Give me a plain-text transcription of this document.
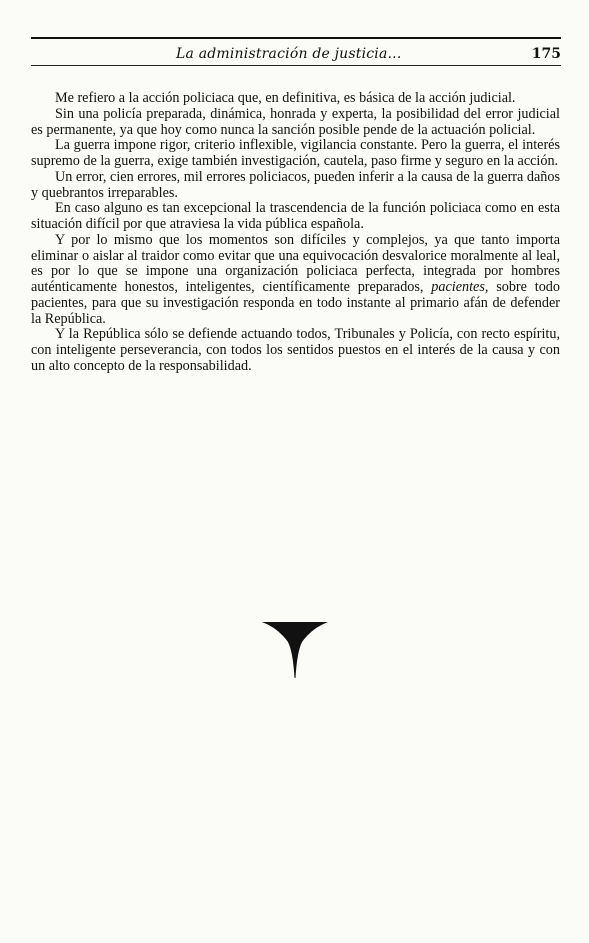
La administración de justicia...	175

Me refiero a la acción policiaca que, en definitiva, es básica de la acción judicial.

Sin una policía preparada, dinámica, honrada y experta, la posibilidad del error judicial es permanente, ya que hoy como nunca la sanción posible pende de la actuación policial.

La guerra impone rigor, criterio inflexible, vigilancia constante. Pero la guerra, el interés supremo de la guerra, exige también investigación, cautela, paso firme y seguro en la acción.

Un error, cien errores, mil errores policiacos, pueden inferir a la causa de la guerra daños y quebrantos irreparables.

En caso alguno es tan excepcional la trascendencia de la función policiaca como en esta situación difícil por que atraviesa la vida pública española.

Y por lo mismo que los momentos son difíciles y complejos, ya que tanto importa eliminar o aislar al traidor como evitar que una equivocación desvalorice moralmente al leal, es por lo que se impone una organización policiaca perfecta, integrada por hombres auténticamente honestos, inteligentes, científicamente preparados, pacientes, sobre todo pacientes, para que su investigación responda en todo instante al primario afán de defender la República.

Y la República sólo se defiende actuando todos, Tribunales y Policía, con recto espíritu, con inteligente perseverancia, con todos los sentidos puestos en el interés de la causa y con un alto concepto de la responsabilidad.
